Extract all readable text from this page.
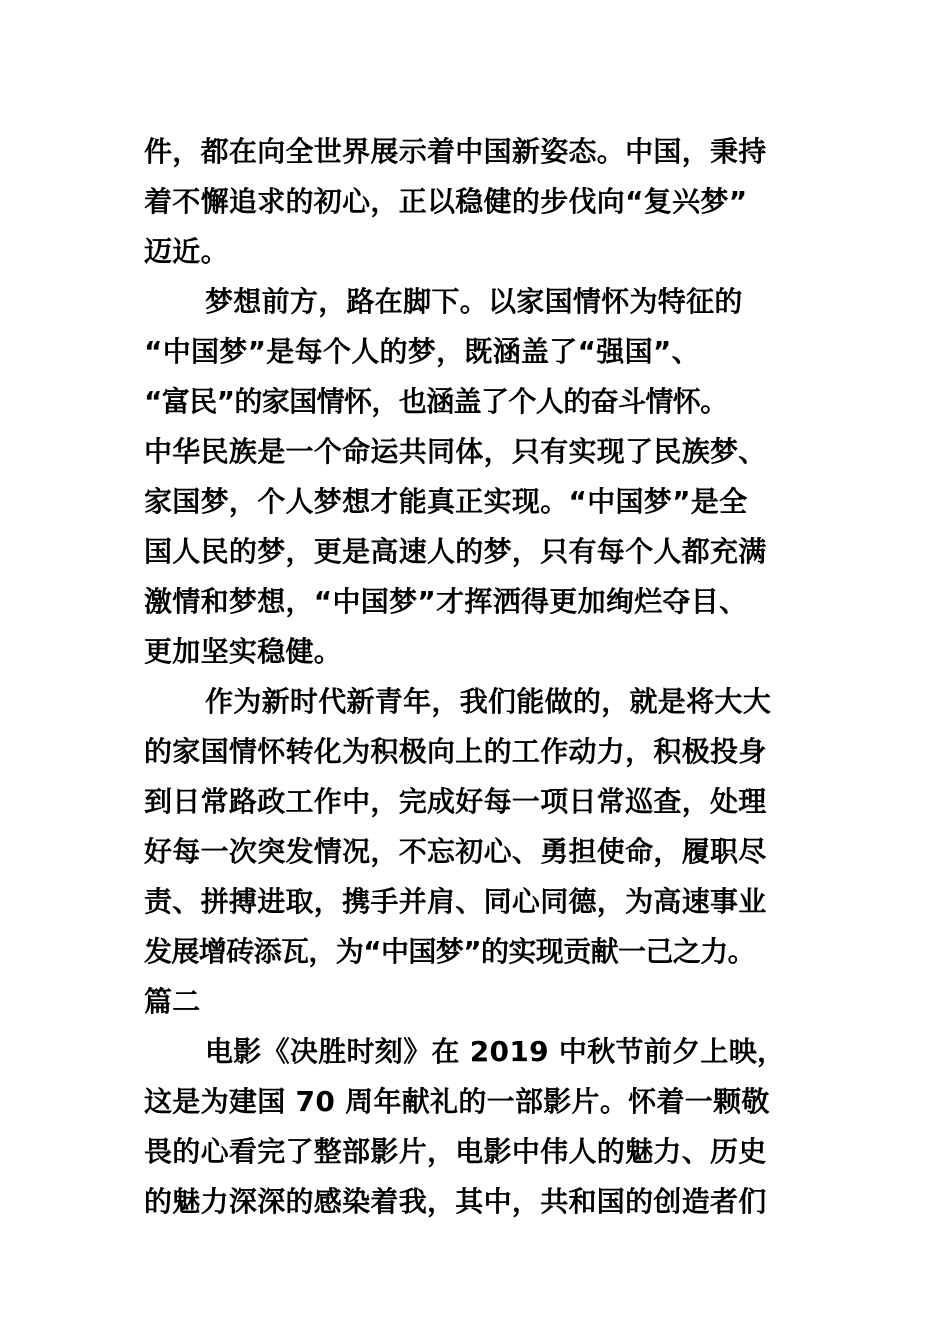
件，都在向全世界展示着中国新姿态。中国，秉持
着不懈追求的初心，正以稳健的步伐向“复兴梦”
迈近。
梦想前方，路在脚下。以家国情怀为特征的
“中国梦”是每个人的梦，既涵盖了“强国”、
“富民”的家国情怀，也涵盖了个人的奋斗情怀。
中华民族是一个命运共同体，只有实现了民族梦、
家国梦，个人梦想才能真正实现。“中国梦”是全
国人民的梦，更是高速人的梦，只有每个人都充满
激情和梦想，“中国梦”才挥洒得更加绚烂夺目、
更加坚实稳健。
作为新时代新青年，我们能做的，就是将大大
的家国情怀转化为积极向上的工作动力，积极投身
到日常路政工作中，完成好每一项日常巡查，处理
好每一次突发情况，不忘初心、勇担使命，履职尽
责、拼搏进取，携手并肩、同心同德，为高速事业
发展增砖添瓦，为“中国梦”的实现贡献一己之力。
篇二
电影《决胜时刻》在 2019 中秋节前夕上映，
这是为建国 70 周年献礼的一部影片。怀着一颗敬
畏的心看完了整部影片，电影中伟人的魅力、历史
的魅力深深的感染着我，其中，共和国的创造者们
